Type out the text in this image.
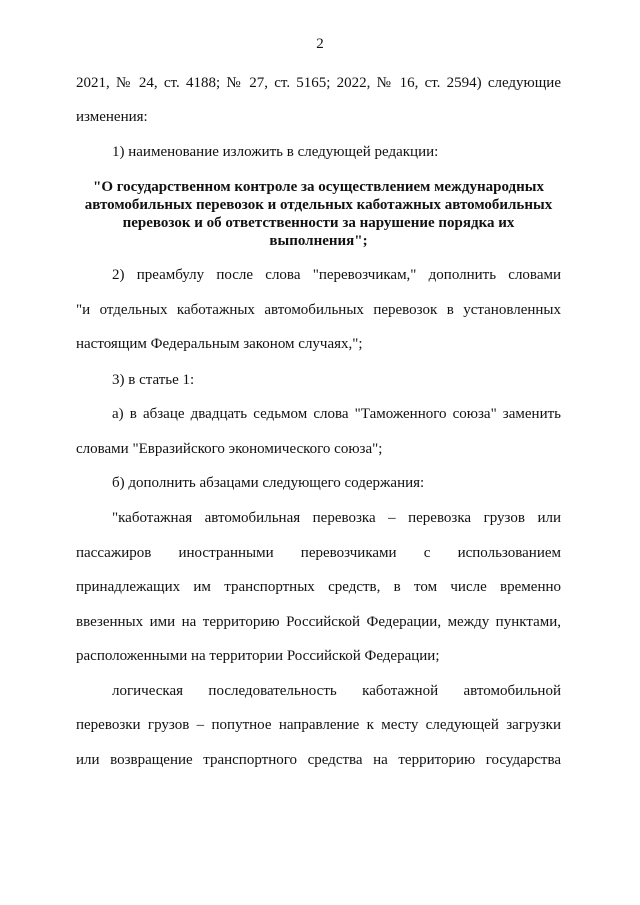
2
2021, № 24, ст. 4188; № 27, ст. 5165; 2022, № 16, ст. 2594) следующие
изменения:
1) наименование изложить в следующей редакции:
"О государственном контроле за осуществлением международных
автомобильных перевозок и отдельных каботажных автомобильных
перевозок и об ответственности за нарушение порядка их
выполнения";
2) преамбулу после слова "перевозчикам," дополнить словами
"и отдельных каботажных автомобильных перевозок в установленных
настоящим Федеральным законом случаях,";
3) в статье 1:
а) в абзаце двадцать седьмом слова "Таможенного союза" заменить
словами "Евразийского экономического союза";
б) дополнить абзацами следующего содержания:
"каботажная автомобильная перевозка – перевозка грузов или
пассажиров иностранными перевозчиками с использованием
принадлежащих им транспортных средств, в том числе временно
ввезенных ими на территорию Российской Федерации, между пунктами,
расположенными на территории Российской Федерации;
логическая последовательность каботажной автомобильной
перевозки грузов – попутное направление к месту следующей загрузки
или возвращение транспортного средства на территорию государства
